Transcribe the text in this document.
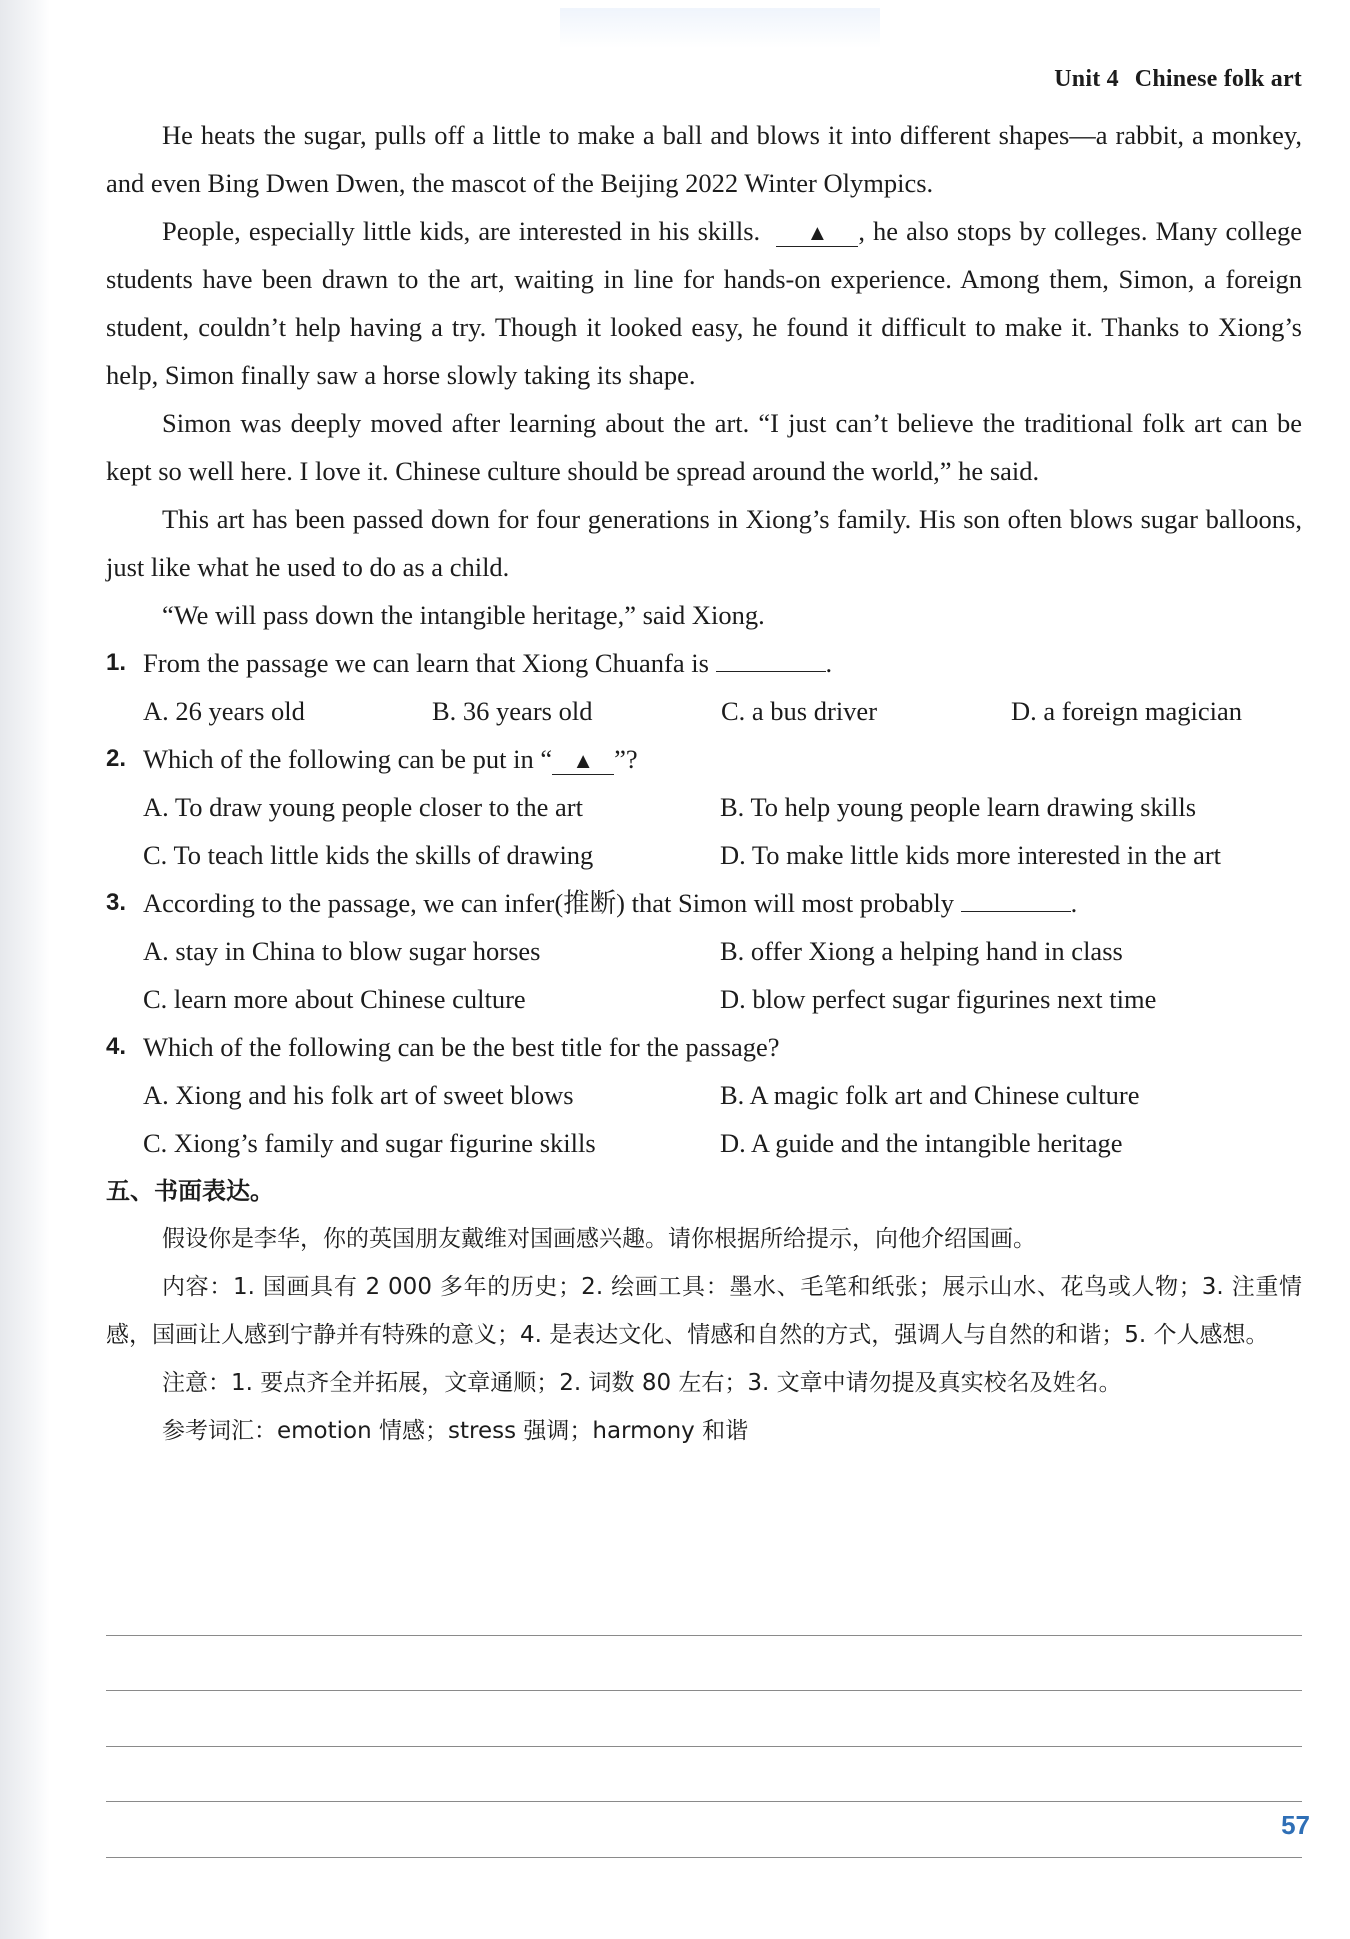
Unit 4 Chinese folk art

He heats the sugar, pulls off a little to make a ball and blows it into different shapes—a rabbit, a monkey, and even Bing Dwen Dwen, the mascot of the Beijing 2022 Winter Olympics.

People, especially little kids, are interested in his skills. ▲ , he also stops by colleges. Many college students have been drawn to the art, waiting in line for hands-on experience. Among them, Simon, a foreign student, couldn’t help having a try. Though it looked easy, he found it difficult to make it. Thanks to Xiong’s help, Simon finally saw a horse slowly taking its shape.

Simon was deeply moved after learning about the art. “I just can’t believe the traditional folk art can be kept so well here. I love it. Chinese culture should be spread around the world,” he said.

This art has been passed down for four generations in Xiong’s family. His son often blows sugar balloons, just like what he used to do as a child.

“We will pass down the intangible heritage,” said Xiong.

1. From the passage we can learn that Xiong Chuanfa is	.
A. 26 years old	B. 36 years old	C. a bus driver	D. a foreign magician
2. Which of the following can be put in “ ▲ ”?
A. To draw young people closer to the art	B. To help young people learn drawing skills
C. To teach little kids the skills of drawing	D. To make little kids more interested in the art
3. According to the passage, we can infer(推断) that Simon will most probably	.
A. stay in China to blow sugar horses	B. offer Xiong a helping hand in class
C. learn more about Chinese culture	D. blow perfect sugar figurines next time
4. Which of the following can be the best title for the passage?
A. Xiong and his folk art of sweet blows	B. A magic folk art and Chinese culture
C. Xiong’s family and sugar figurine skills	D. A guide and the intangible heritage

五、书面表达。

假设你是李华，你的英国朋友戴维对国画感兴趣。请你根据所给提示，向他介绍国画。

内容：1. 国画具有 2 000 多年的历史；2. 绘画工具：墨水、毛笔和纸张；展示山水、花鸟或人物；3. 注重情感，国画让人感到宁静并有特殊的意义；4. 是表达文化、情感和自然的方式，强调人与自然的和谐；5. 个人感想。

注意：1. 要点齐全并拓展，文章通顺；2. 词数 80 左右；3. 文章中请勿提及真实校名及姓名。

参考词汇：emotion 情感；stress 强调；harmony 和谐

57
